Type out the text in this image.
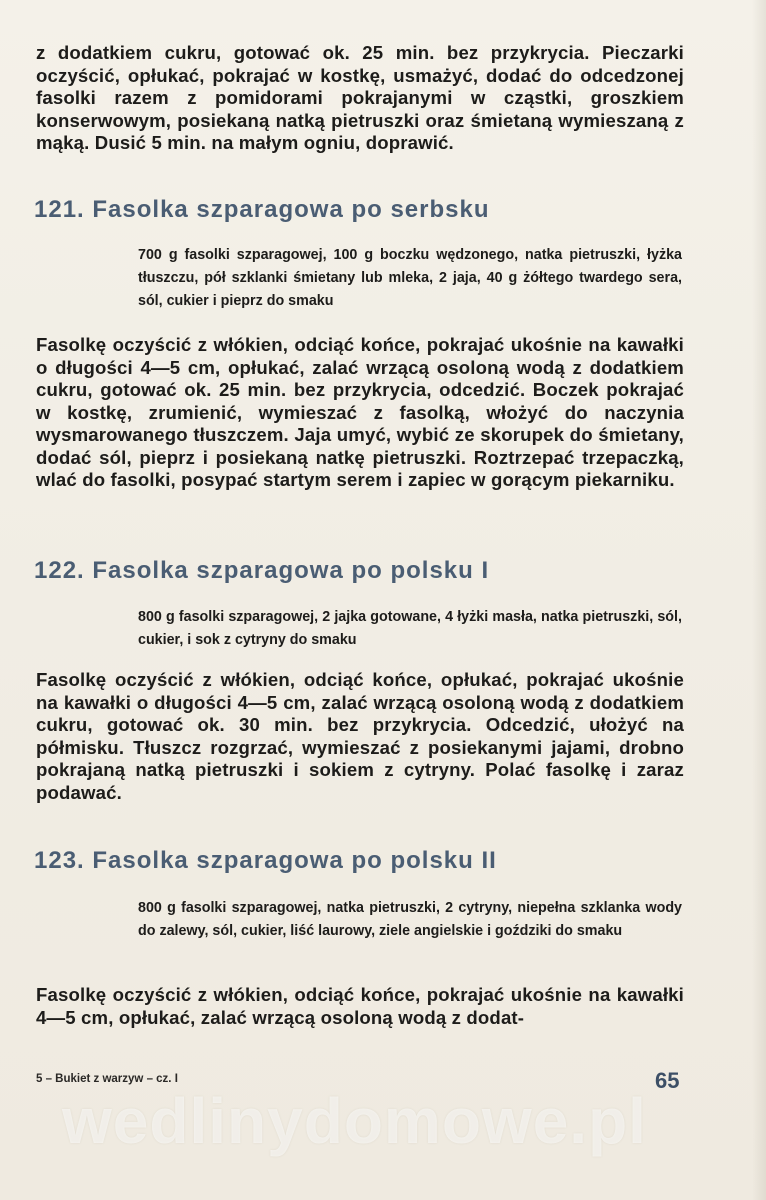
z dodatkiem cukru, gotować ok. 25 min. bez przykrycia. Pieczarki oczyścić, opłukać, pokrajać w kostkę, usmażyć, dodać do odcedzonej fasolki razem z pomidorami pokrajanymi w cząstki, groszkiem konserwowym, posiekaną natką pietruszki oraz śmietaną wymieszaną z mąką. Dusić 5 min. na małym ogniu, doprawić.

121. Fasolka szparagowa po serbsku

700 g fasolki szparagowej, 100 g boczku wędzonego, natka pietruszki, łyżka tłuszczu, pół szklanki śmietany lub mleka, 2 jaja, 40 g żółtego twardego sera, sól, cukier i pieprz do smaku

Fasolkę oczyścić z włókien, odciąć końce, pokrajać ukośnie na kawałki o długości 4—5 cm, opłukać, zalać wrzącą osoloną wodą z dodatkiem cukru, gotować ok. 25 min. bez przykrycia, odcedzić. Boczek pokrajać w kostkę, zrumienić, wymieszać z fasolką, włożyć do naczynia wysmarowanego tłuszczem. Jaja umyć, wybić ze skorupek do śmietany, dodać sól, pieprz i posiekaną natkę pietruszki. Roztrzepać trzepaczką, wlać do fasolki, posypać startym serem i zapiec w gorącym piekarniku.

122. Fasolka szparagowa po polsku I

800 g fasolki szparagowej, 2 jajka gotowane, 4 łyżki masła, natka pietruszki, sól, cukier, i sok z cytryny do smaku

Fasolkę oczyścić z włókien, odciąć końce, opłukać, pokrajać ukośnie na kawałki o długości 4—5 cm, zalać wrzącą osoloną wodą z dodatkiem cukru, gotować ok. 30 min. bez przykrycia. Odcedzić, ułożyć na półmisku. Tłuszcz rozgrzać, wymieszać z posiekanymi jajami, drobno pokrajaną natką pietruszki i sokiem z cytryny. Polać fasolkę i zaraz podawać.

123. Fasolka szparagowa po polsku II

800 g fasolki szparagowej, natka pietruszki, 2 cytryny, niepełna szklanka wody do zalewy, sól, cukier, liść laurowy, ziele angielskie i goździki do smaku

Fasolkę oczyścić z włókien, odciąć końce, pokrajać ukośnie na kawałki 4—5 cm, opłukać, zalać wrzącą osoloną wodą z dodat-

5 – Bukiet z warzyw – cz. I	65
wedlinydomowe.pl
